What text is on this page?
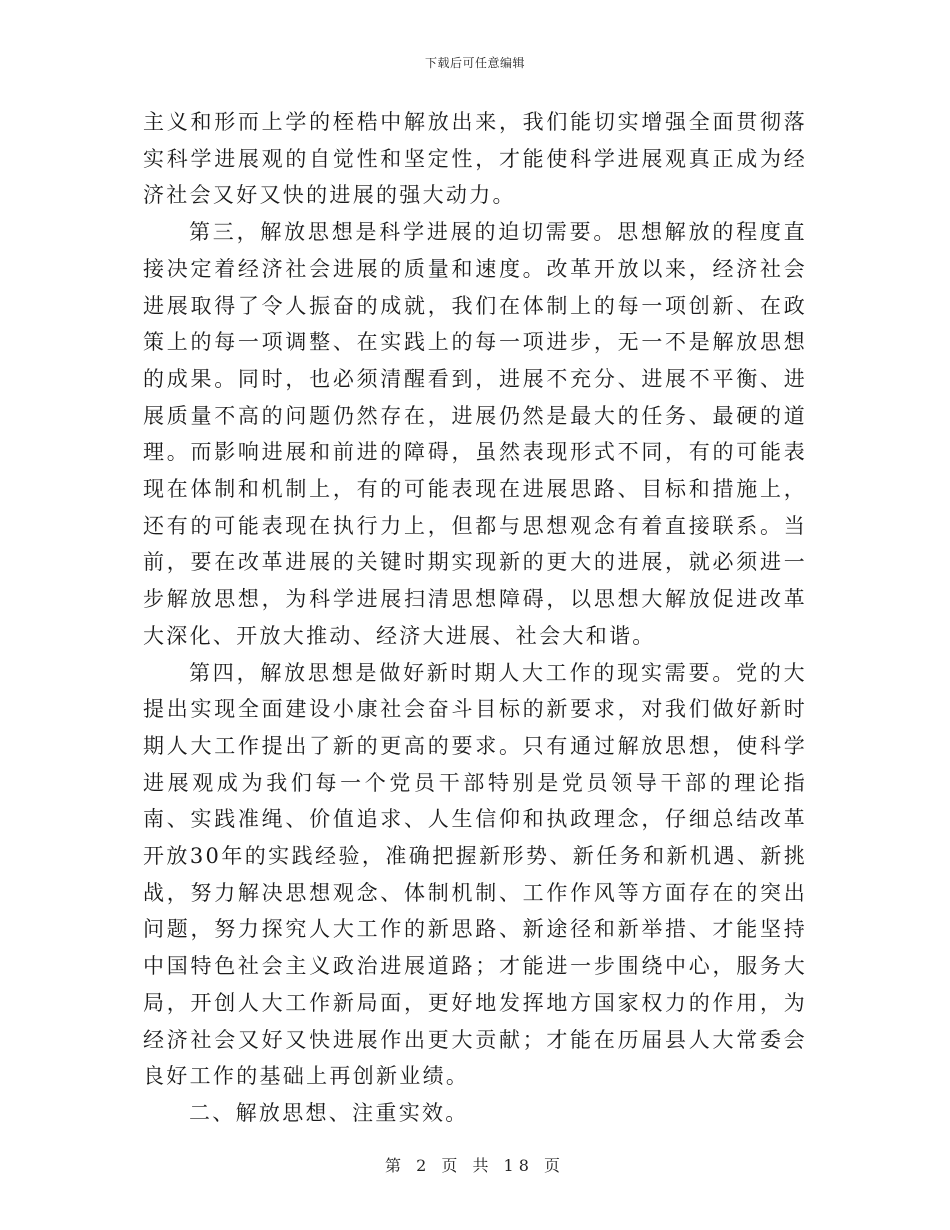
下载后可任意编辑

主义和形而上学的桎梏中解放出来，我们能切实增强全面贯彻落实科学进展观的自觉性和坚定性，才能使科学进展观真正成为经济社会又好又快的进展的强大动力。

第三，解放思想是科学进展的迫切需要。思想解放的程度直接决定着经济社会进展的质量和速度。改革开放以来，经济社会进展取得了令人振奋的成就，我们在体制上的每一项创新、在政策上的每一项调整、在实践上的每一项进步，无一不是解放思想的成果。同时，也必须清醒看到，进展不充分、进展不平衡、进展质量不高的问题仍然存在，进展仍然是最大的任务、最硬的道理。而影响进展和前进的障碍，虽然表现形式不同，有的可能表现在体制和机制上，有的可能表现在进展思路、目标和措施上，还有的可能表现在执行力上，但都与思想观念有着直接联系。当前，要在改革进展的关键时期实现新的更大的进展，就必须进一步解放思想，为科学进展扫清思想障碍，以思想大解放促进改革大深化、开放大推动、经济大进展、社会大和谐。

第四，解放思想是做好新时期人大工作的现实需要。党的大提出实现全面建设小康社会奋斗目标的新要求，对我们做好新时期人大工作提出了新的更高的要求。只有通过解放思想，使科学进展观成为我们每一个党员干部特别是党员领导干部的理论指南、实践准绳、价值追求、人生信仰和执政理念，仔细总结改革开放30年的实践经验，准确把握新形势、新任务和新机遇、新挑战，努力解决思想观念、体制机制、工作作风等方面存在的突出问题，努力探究人大工作的新思路、新途径和新举措、才能坚持中国特色社会主义政治进展道路；才能进一步围绕中心，服务大局，开创人大工作新局面，更好地发挥地方国家权力的作用，为经济社会又好又快进展作出更大贡献；才能在历届县人大常委会良好工作的基础上再创新业绩。

二、解放思想、注重实效。

第 2 页 共 18 页
